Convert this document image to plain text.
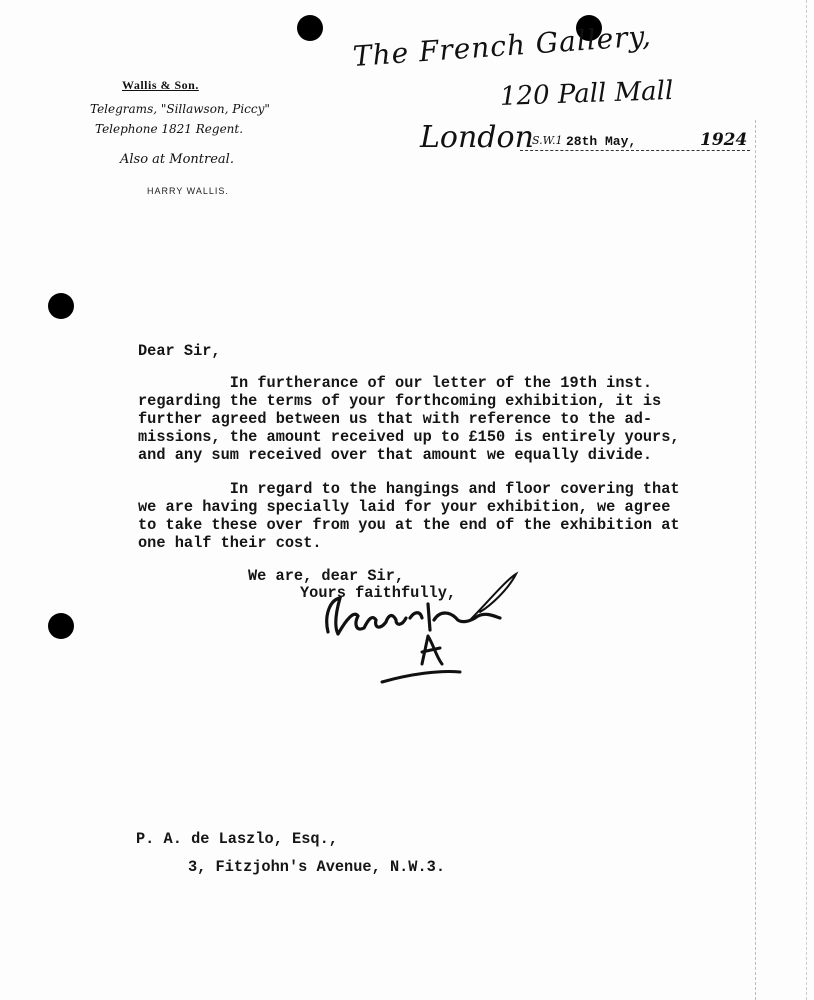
Wallis & Son.
Telegrams, "Sillawson, Piccy"
Telephone 1821 Regent.
Also at Montreal.
HARRY WALLIS.
The French Gallery,
120 Pall Mall
London
S.W.1 28th May,	1924
Dear Sir,
In furtherance of our letter of the 19th inst.
regarding the terms of your forthcoming exhibition, it is
further agreed between us that with reference to the ad-
missions, the amount received up to £150 is entirely yours,
and any sum received over that amount we equally divide.
In regard to the hangings and floor covering that
we are having specially laid for your exhibition, we agree
to take these over from you at the end of the exhibition at
one half their cost.
We are, dear Sir,
Yours faithfully,
P. A. de Laszlo, Esq.,
3, Fitzjohn's Avenue, N.W.3.
